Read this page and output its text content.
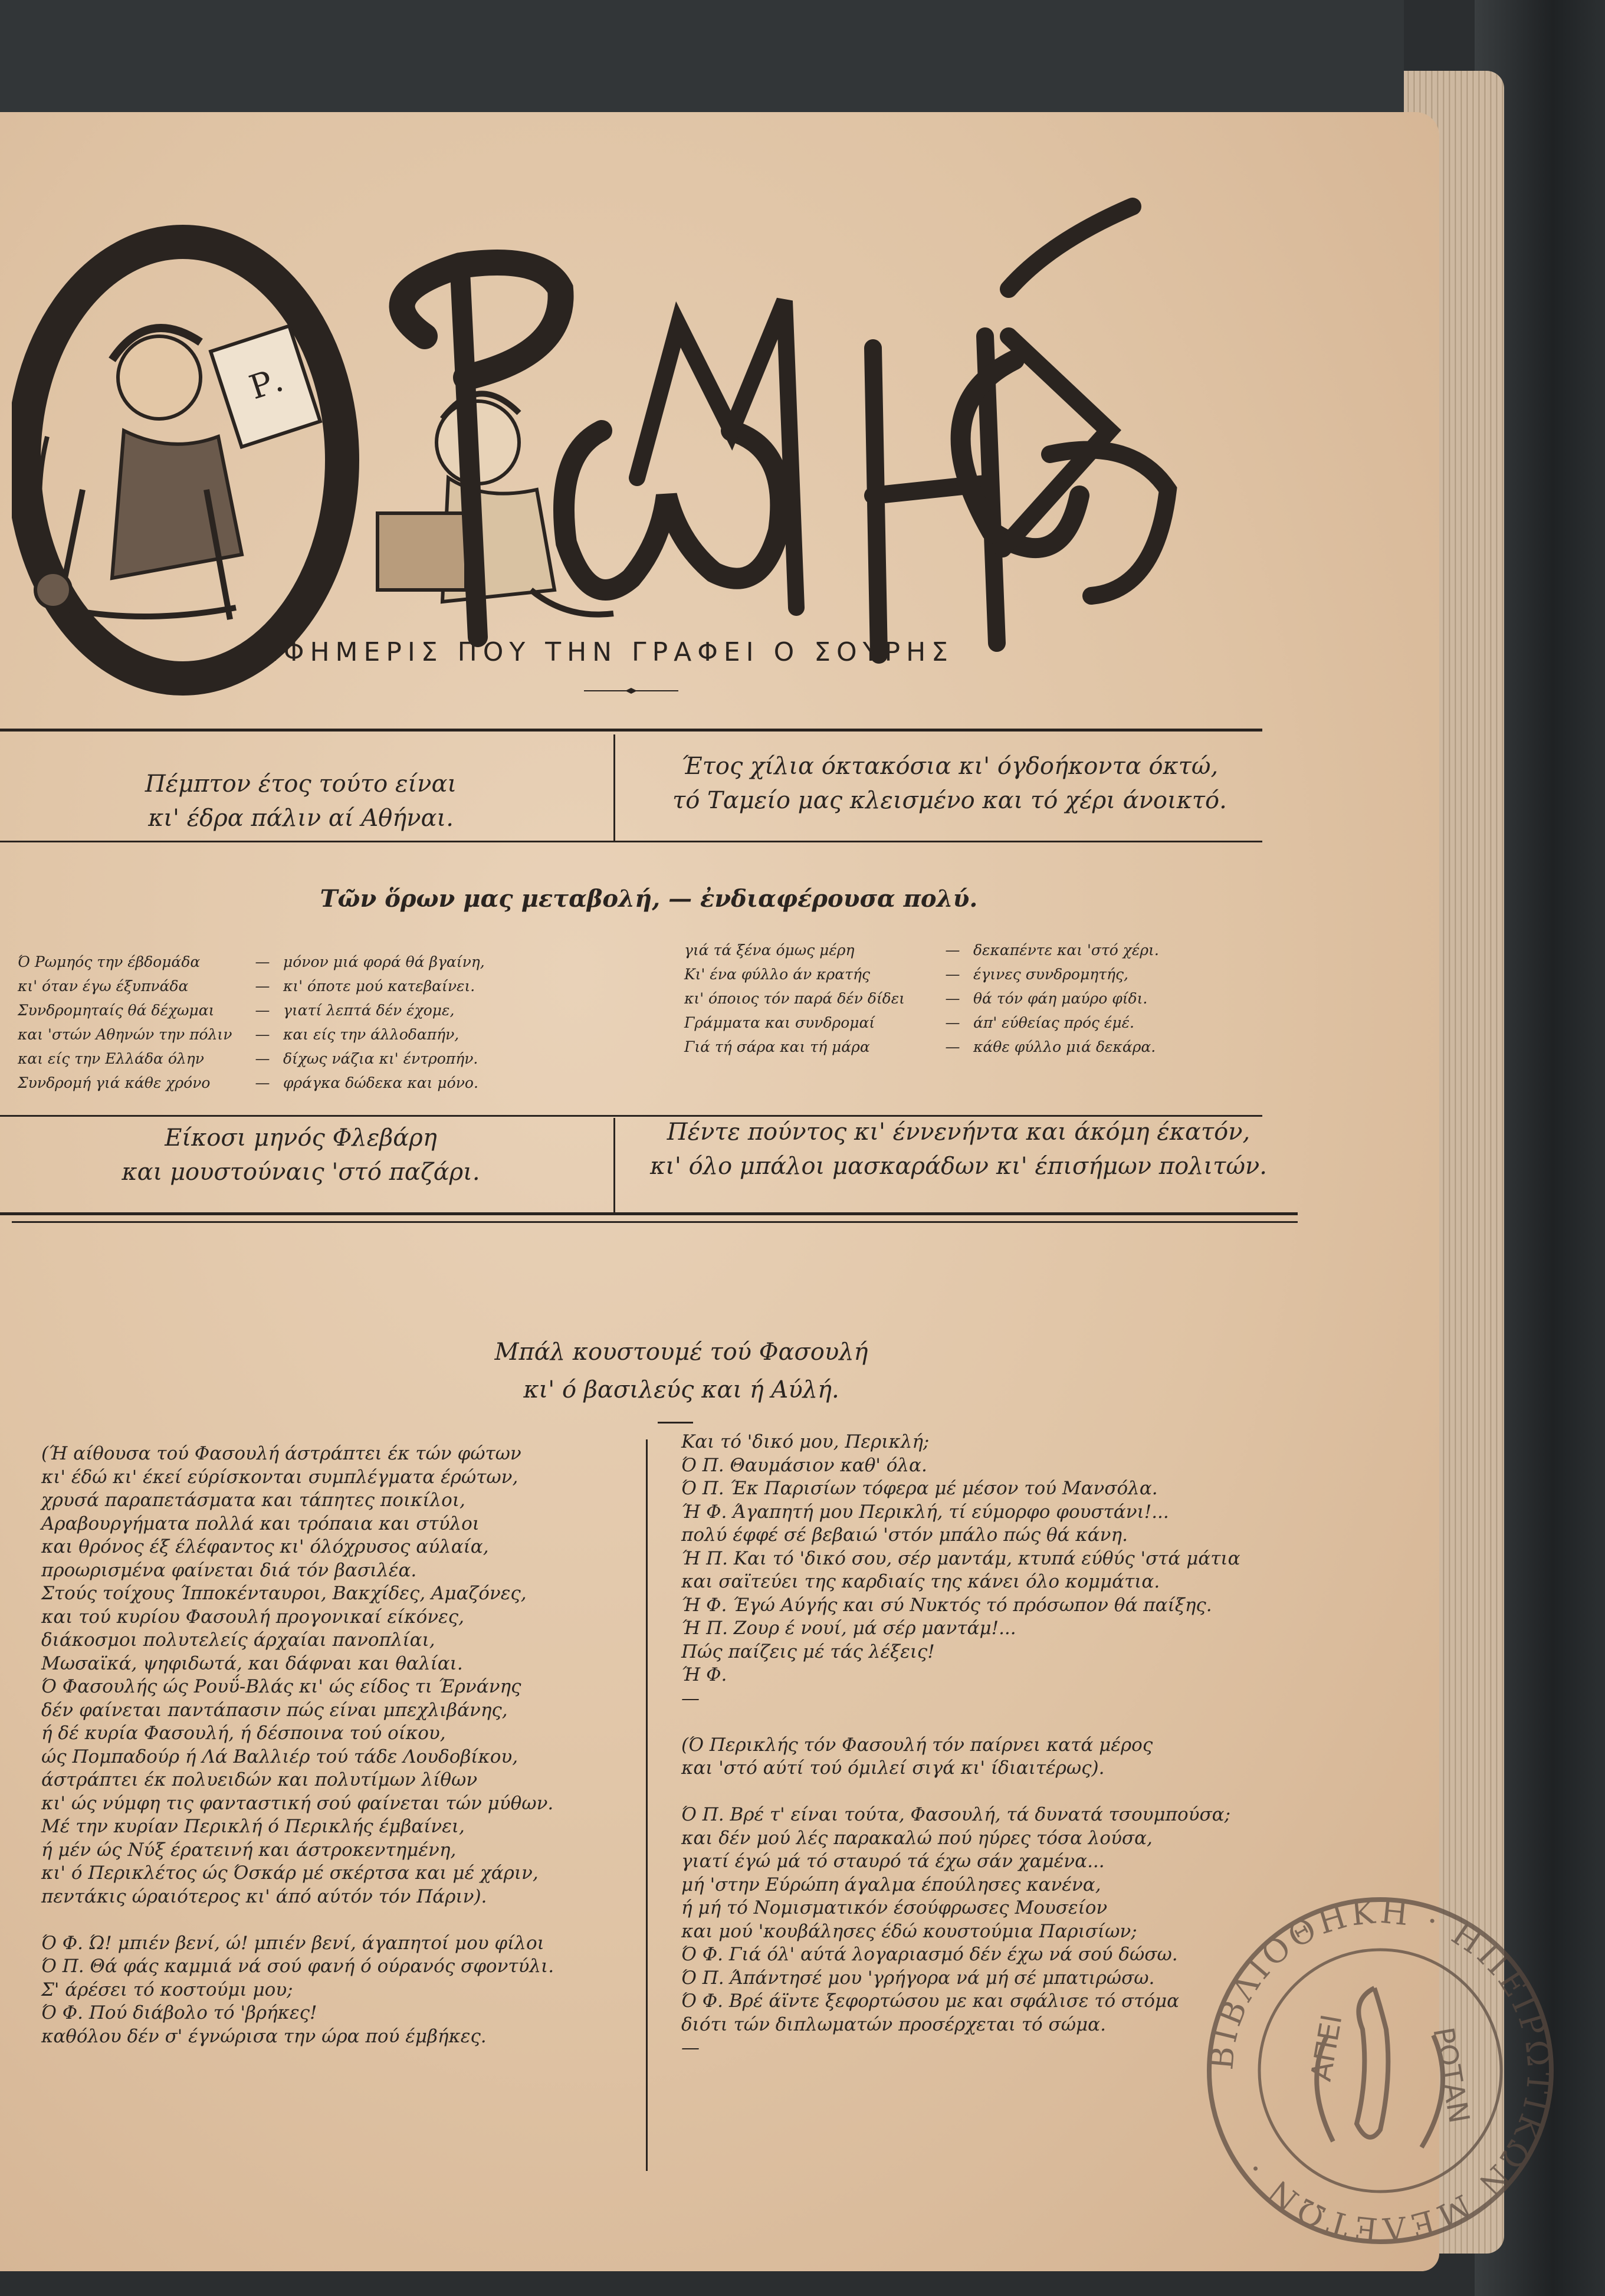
Ρ.
ΕΦΗΜΕΡΙΣ ΠΟΥ ΤΗΝ ΓΡΑΦΕΙ Ο ΣΟΥΡΗΣ
Πέμπτον έτος τούτο είναι
κι' έδρα πάλιν αί Αθήναι.
Έτος χίλια όκτακόσια κι' όγδοήκοντα όκτώ,
τό Ταμείο μας κλεισμένο και τό χέρι άνοικτό.
Τῶν ὅρων μας μεταβολή, — ἐνδιαφέρουσα πολύ.
Ό Ρωμηός την έβδομάδα	— μόνον μιά φορά θά βγαίνη,
κι' όταν έγω έξυπνάδα	— κι' όποτε μού κατεβαίνει.
Συνδρομηταίς θά δέχωμαι	— γιατί λεπτά δέν έχομε,
και 'στών Αθηνών την πόλιν	— και είς την άλλοδαπήν,
και είς την Ελλάδα όλην	— δίχως νάζια κι' έντροπήν.
Συνδρομή γιά κάθε χρόνο	— φράγκα δώδεκα και μόνο.
γιά τά ξένα όμως μέρη	— δεκαπέντε και 'στό χέρι.
Κι' ένα φύλλο άν κρατής	— έγινες συνδρομητής,
κι' όποιος τόν παρά δέν δίδει	— θά τόν φάη μαύρο φίδι.
Γράμματα και συνδρομαί	— άπ' εύθείας πρός έμέ.
Γιά τή σάρα και τή μάρα	— κάθε φύλλο μιά δεκάρα.
Είκοσι μηνός Φλεβάρη
και μουστούναις 'στό παζάρι.
Πέντε πούντος κι' έννενήντα και άκόμη έκατόν,
κι' όλο μπάλοι μασκαράδων κι' έπισήμων πολιτών.
Μπάλ κουστουμέ τού Φασουλή
κι' ό βασιλεύς και ή Αύλή.
(Ή αίθουσα τού Φασουλή άστράπτει έκ τών φώτων
κι' έδώ κι' έκεί εύρίσκονται συμπλέγματα έρώτων,
χρυσά παραπετάσματα και τάπητες ποικίλοι,
Αραβουργήματα πολλά και τρόπαια και στύλοι
και θρόνος έξ έλέφαντος κι' όλόχρυσος αύλαία,
προωρισμένα φαίνεται διά τόν βασιλέα.
Στούς τοίχους Ίπποκένταυροι, Βακχίδες, Αμαζόνες,
και τού κυρίου Φασουλή προγονικαί είκόνες,
διάκοσμοι πολυτελείς άρχαίαι πανοπλίαι,
Μωσαϊκά, ψηφιδωτά, και δάφναι και θαλίαι.
Ό Φασουλής ώς Ρουΰ-Βλάς κι' ώς είδος τι Έρνάνης
δέν φαίνεται παντάπασιν πώς είναι μπεχλιβάνης,
ή δέ κυρία Φασουλή, ή δέσποινα τού οίκου,
ώς Πομπαδούρ ή Λά Βαλλιέρ τού τάδε Λουδοβίκου,
άστράπτει έκ πολυειδών και πολυτίμων λίθων
κι' ώς νύμφη τις φανταστική σού φαίνεται τών μύθων.
Μέ την κυρίαν Περικλή ό Περικλής έμβαίνει,
ή μέν ώς Νύξ έρατεινή και άστροκεντημένη,
κι' ό Περικλέτος ώς Όσκάρ μέ σκέρτσα και μέ χάριν,
πεντάκις ώραιότερος κι' άπό αύτόν τόν Πάριν).
Ό Φ. Ώ! μπιέν βενί, ώ! μπιέν βενί, άγαπητοί μου φίλοι
Ό Π. Θά φάς καμμιά νά σού φανή ό ούρανός σφοντύλι.
Σ' άρέσει τό κοστούμι μου;
Ό Φ. Πού διάβολο τό 'βρήκες!
καθόλου δέν σ' έγνώρισα την ώρα πού έμβήκες.
Και τό 'δικό μου, Περικλή;
Ό Π. Θαυμάσιον καθ' όλα.
Ό Π. Έκ Παρισίων τόφερα μέ μέσον τού Μανσόλα.
Ή Φ. Άγαπητή μου Περικλή, τί εύμορφο φουστάνι!...
πολύ έφφέ σέ βεβαιώ 'στόν μπάλο πώς θά κάνη.
Ή Π. Και τό 'δικό σου, σέρ μαντάμ, κτυπά εύθύς 'στά μάτια
και σαϊτεύει της καρδιαίς της κάνει όλο κομμάτια.
Ή Φ. Έγώ Αύγής και σύ Νυκτός τό πρόσωπον θά παίξης.
Ή Π. Ζουρ έ νουί, μά σέρ μαντάμ!...
Πώς παίζεις μέ τάς λέξεις!
Ή Φ.
—
(Ό Περικλής τόν Φασουλή τόν παίρνει κατά μέρος
και 'στό αύτί τού όμιλεί σιγά κι' ίδιαιτέρως).
Ό Π. Βρέ τ' είναι τούτα, Φασουλή, τά δυνατά τσουμπούσα;
και δέν μού λές παρακαλώ πού ηύρες τόσα λούσα,
γιατί έγώ μά τό σταυρό τά έχω σάν χαμένα...
μή 'στην Εύρώπη άγαλμα έπούλησες κανένα,
ή μή τό Νομισματικόν έσούφρωσες Μουσείον
και μού 'κουβάλησες έδώ κουστούμια Παρισίων;
Ό Φ. Γιά όλ' αύτά λογαριασμό δέν έχω νά σού δώσω.
Ό Π. Άπάντησέ μου 'γρήγορα νά μή σέ μπατιρώσω.
Ό Φ. Βρέ άϊντε ξεφορτώσου με και σφάλισε τό στόμα
διότι τών διπλωματών προσέρχεται τό σώμα.
—	ΒΙΒΛΙΟΘΗΚΗ · ΗΠΕΙΡΩΤΙΚΩΝ ΜΕΛΕΤΩΝ ·
ΑΠΕΙ	ΡΩΤΑΝ
